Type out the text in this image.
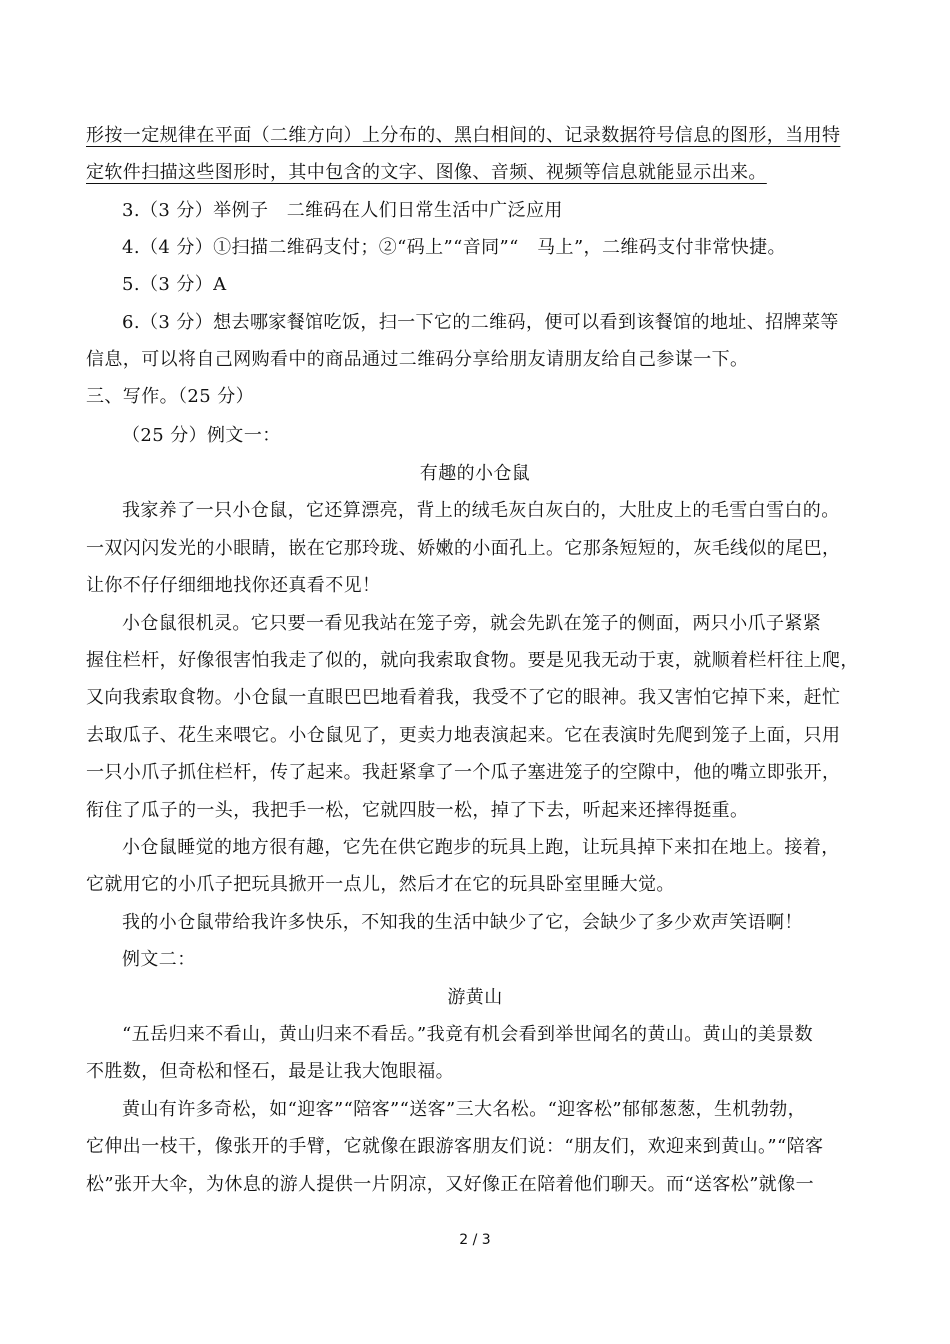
形按一定规律在平面（二维方向）上分布的、黑白相间的、记录数据符号信息的图形，当用特
定软件扫描这些图形时，其中包含的文字、图像、音频、视频等信息就能显示出来。
3.（3 分）举例子　二维码在人们日常生活中广泛应用
4.（4 分）①扫描二维码支付；②“码上”“音同”“　马上”，二维码支付非常快捷。
5.（3 分）A
6.（3 分）想去哪家餐馆吃饭，扫一下它的二维码，便可以看到该餐馆的地址、招牌菜等
信息，可以将自己网购看中的商品通过二维码分享给朋友请朋友给自己参谋一下。
三、写作。（25 分）
（25 分）例文一：
有趣的小仓鼠
我家养了一只小仓鼠，它还算漂亮，背上的绒毛灰白灰白的，大肚皮上的毛雪白雪白的。
一双闪闪发光的小眼睛，嵌在它那玲珑、娇嫩的小面孔上。它那条短短的，灰毛线似的尾巴，
让你不仔仔细细地找你还真看不见！
小仓鼠很机灵。它只要一看见我站在笼子旁，就会先趴在笼子的侧面，两只小爪子紧紧
握住栏杆，好像很害怕我走了似的，就向我索取食物。要是见我无动于衷，就顺着栏杆往上爬，
又向我索取食物。小仓鼠一直眼巴巴地看着我，我受不了它的眼神。我又害怕它掉下来，赶忙
去取瓜子、花生来喂它。小仓鼠见了，更卖力地表演起来。它在表演时先爬到笼子上面，只用
一只小爪子抓住栏杆，传了起来。我赶紧拿了一个瓜子塞进笼子的空隙中，他的嘴立即张开，
衔住了瓜子的一头，我把手一松，它就四肢一松，掉了下去，听起来还摔得挺重。
小仓鼠睡觉的地方很有趣，它先在供它跑步的玩具上跑，让玩具掉下来扣在地上。接着，
它就用它的小爪子把玩具掀开一点儿，然后才在它的玩具卧室里睡大觉。
我的小仓鼠带给我许多快乐，不知我的生活中缺少了它，会缺少了多少欢声笑语啊！
例文二：
游黄山
“五岳归来不看山，黄山归来不看岳。”我竟有机会看到举世闻名的黄山。黄山的美景数
不胜数，但奇松和怪石，最是让我大饱眼福。
黄山有许多奇松，如“迎客”“陪客”“送客”三大名松。“迎客松”郁郁葱葱，生机勃勃，
它伸出一枝干，像张开的手臂，它就像在跟游客朋友们说：“朋友们，欢迎来到黄山。”“陪客
松”张开大伞，为休息的游人提供一片阴凉，又好像正在陪着他们聊天。而“送客松”就像一
2 / 3
